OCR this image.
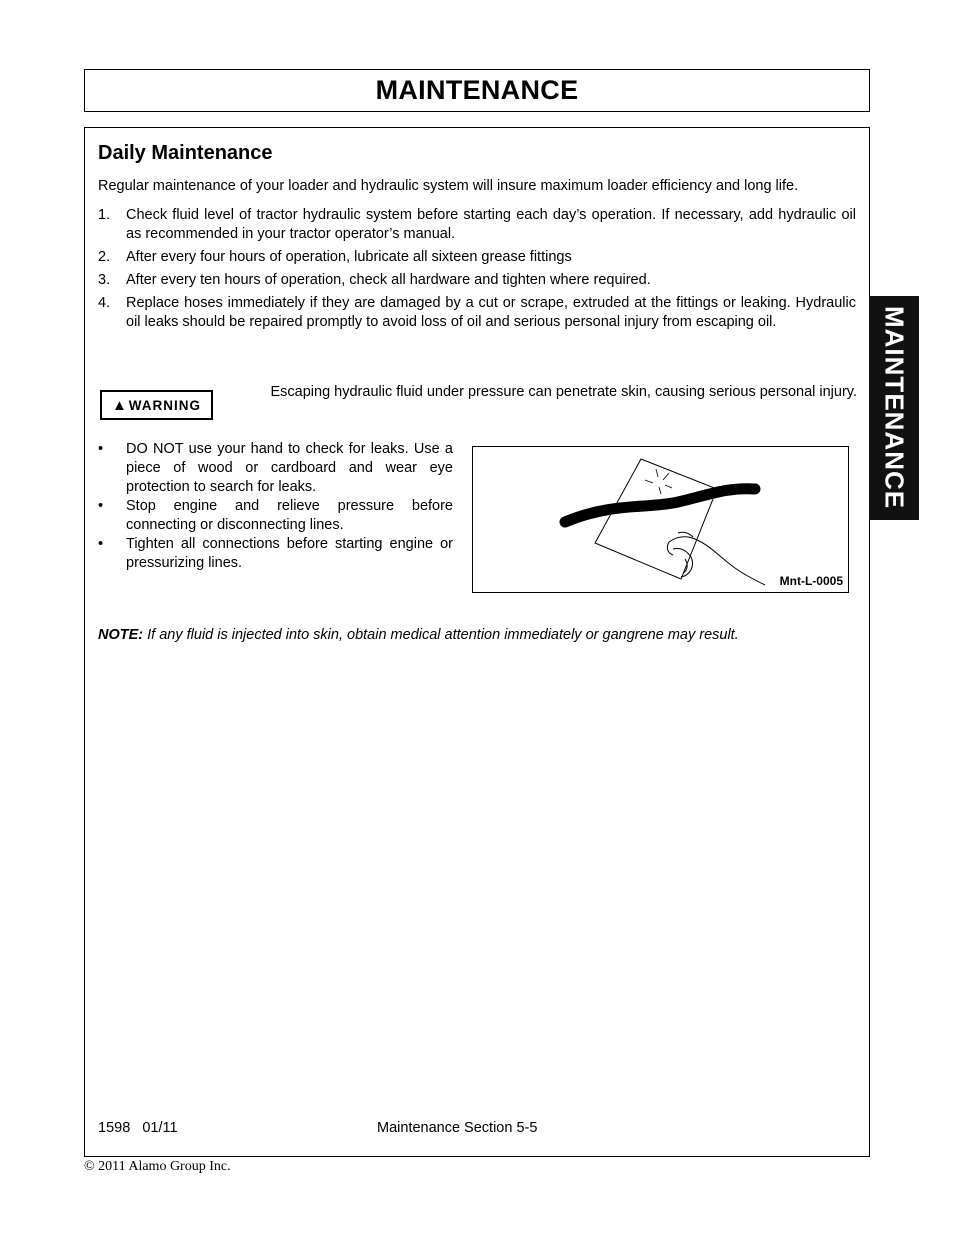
MAINTENANCE
MAINTENANCE
Daily Maintenance
Regular maintenance of your loader and hydraulic system will insure maximum loader efficiency and long life.
1.	Check fluid level of tractor hydraulic system before starting each day’s operation. If necessary, add hydraulic oil as recommended in your tractor operator’s manual.
2.	After every four hours of operation, lubricate all sixteen grease fittings
3.	After every ten hours of operation, check all hardware and tighten where required.
4.	Replace hoses immediately if they are damaged by a cut or scrape, extruded at the fittings or leaking. Hydraulic oil leaks should be repaired promptly to avoid loss of oil and serious personal injury from escaping oil.
▲ WARNING
Escaping hydraulic fluid under pressure can penetrate skin, causing serious personal injury.
•	DO NOT use your hand to check for leaks. Use a piece of wood or cardboard and wear eye protection to search for leaks.
•	Stop engine and relieve pressure before connecting or disconnecting lines.
•	Tighten all connections before starting engine or pressurizing lines.
Mnt-L-0005
NOTE: If any fluid is injected into skin, obtain medical attention immediately or gangrene may result.
1598   01/11	Maintenance Section 5-5
© 2011 Alamo Group Inc.
